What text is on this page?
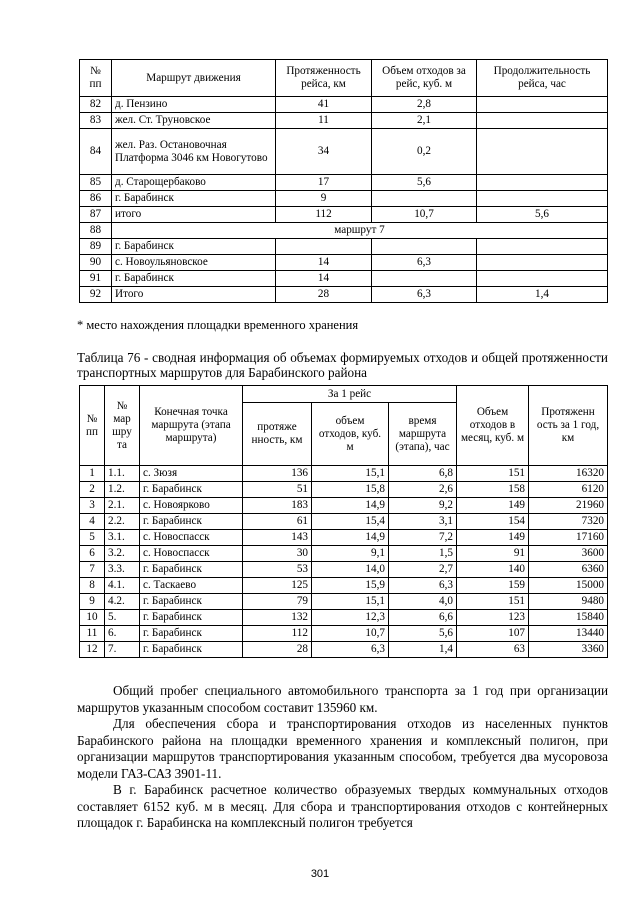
№ пп	Маршрут движения	Протяженность рейса, км	Объем отходов за рейс, куб. м	Продолжительность рейса, час
82	д. Пензино	41	2,8	
83	жел. Ст. Труновское	11	2,1	
84	жел. Раз. Остановочная Платформа 3046 км Новогутово	34	0,2	
85	д. Старощербаково	17	5,6	
86	г. Барабинск	9		
87	итого	112	10,7	5,6
88	маршрут 7			
89	г. Барабинск			
90	с. Новоульяновское	14	6,3	
91	г. Барабинск	14		
92	Итого	28	6,3	1,4
* место нахождения площадки временного хранения
Таблица 76 - сводная информация об объемах формируемых отходов и общей протяженности транспортных маршрутов для Барабинского района
№ пп	№ мар шру та	Конечная точка маршрута (этапа маршрута)	За 1 рейс			Объем отходов в месяц, куб. м	Протяженн ость за 1 год, км
			протяже нность, км	объем отходов, куб. м	время маршрута (этапа), час		
1	1.1.	с. Зюзя	136	15,1	6,8	151	16320
2	1.2.	г. Барабинск	51	15,8	2,6	158	6120
3	2.1.	с. Новоярково	183	14,9	9,2	149	21960
4	2.2.	г. Барабинск	61	15,4	3,1	154	7320
5	3.1.	с. Новоспасск	143	14,9	7,2	149	17160
6	3.2.	с. Новоспасск	30	9,1	1,5	91	3600
7	3.3.	г. Барабинск	53	14,0	2,7	140	6360
8	4.1.	с. Таскаево	125	15,9	6,3	159	15000
9	4.2.	г. Барабинск	79	15,1	4,0	151	9480
10	5.	г. Барабинск	132	12,3	6,6	123	15840
11	6.	г. Барабинск	112	10,7	5,6	107	13440
12	7.	г. Барабинск	28	6,3	1,4	63	3360

Общий пробег специального автомобильного транспорта за 1 год при организации маршрутов указанным способом составит 135960 км.

Для обеспечения сбора и транспортирования отходов из населенных пунктов Барабинского района на площадки временного хранения и комплексный полигон, при организации маршрутов транспортирования указанным способом, требуется два мусоровоза модели ГАЗ-САЗ 3901-11.

В г. Барабинск расчетное количество образуемых твердых коммунальных отходов составляет 6152 куб. м в месяц. Для сбора и транспортирования отходов с контейнерных площадок г. Барабинска на комплексный полигон требуется

301
